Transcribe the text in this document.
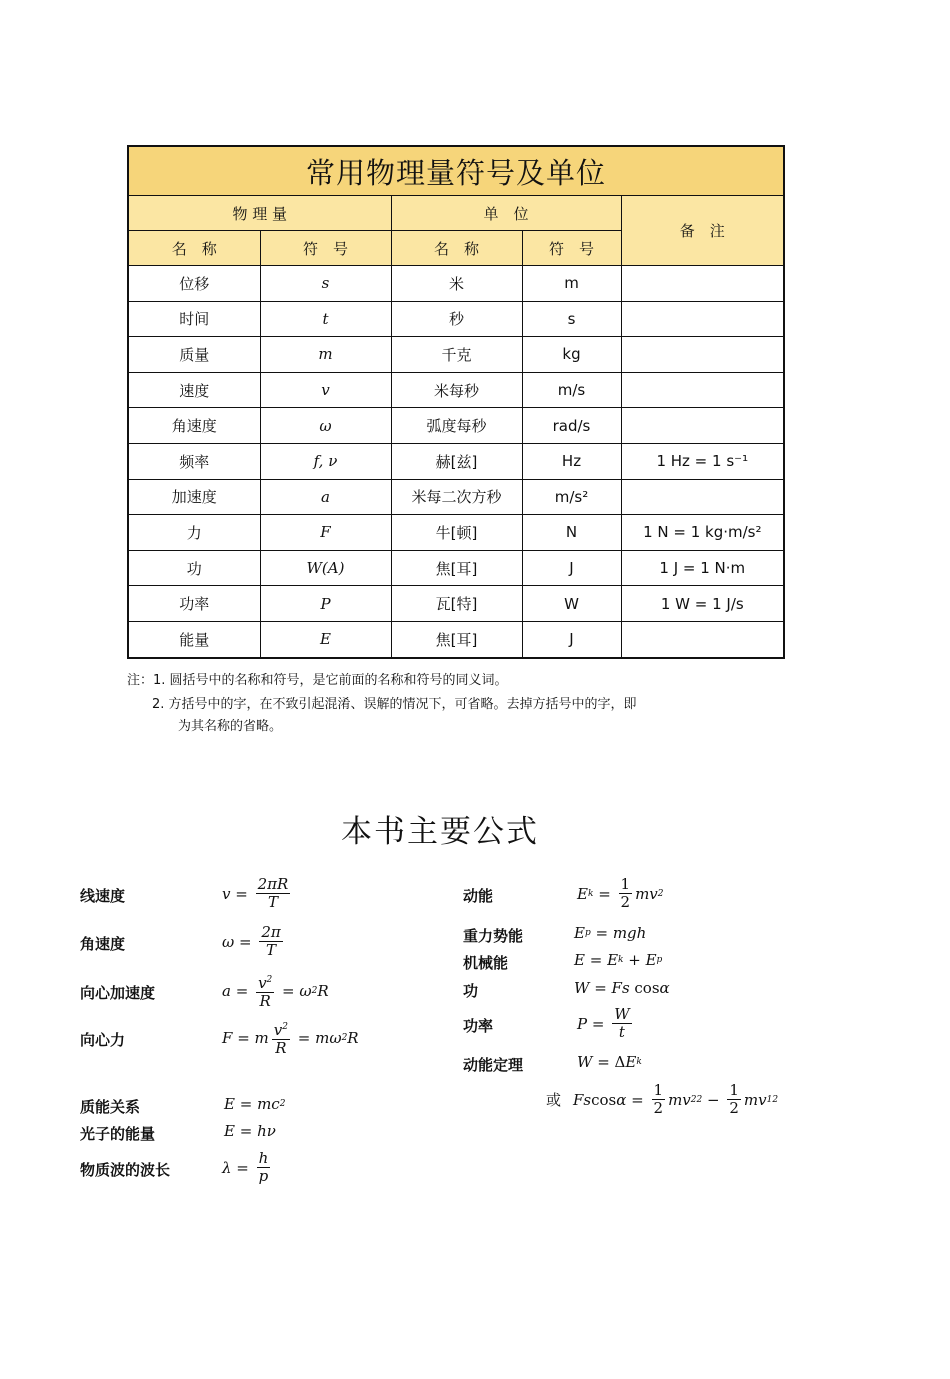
常用物理量符号及单位				
物 理 量		单　位		备　注
名　称	符　号	名　称	符　号	
位移	s	米	m	
时间	t	秒	s	
质量	m	千克	kg	
速度	v	米每秒	m/s	
角速度	ω	弧度每秒	rad/s	
频率	f, ν	赫[兹]	Hz	1 Hz = 1 s⁻¹
加速度	a	米每二次方秒	m/s²	
力	F	牛[顿]	N	1 N = 1 kg·m/s²
功	W(A)	焦[耳]	J	1 J = 1 N·m
功率	P	瓦[特]	W	1 W = 1 J/s
能量	E	焦[耳]	J	
注：1. 圆括号中的名称和符号，是它前面的名称和符号的同义词。
2. 方括号中的字，在不致引起混淆、误解的情况下，可省略。去掉方括号中的字，即
为其名称的省略。
本书主要公式
线速度	$v = \frac{2\pi R}{T}$
角速度	$\omega = \frac{2\pi}{T}$
向心加速度	$a = \frac{v^2}{R} = \omega$ 2 R
向心力	F = m $\frac{v^2}{R} = m\omega$ 2 R
质能关系	E = mc 2
光子的能量	E = hν
物质波的波长	$\lambda = \frac{h}{p}$
动能	E $k = \frac{1}{2}$ mv 2
重力势能	E p = mgh
机械能	E = E k + E p
功	W = Fs cos α
功率	$P = \frac{W}{t}$
动能定理	W = Δ E k
或 Fs $\cos \alpha = \frac{1}{2}$ mv 2 $2 - \frac{1}{2}$ mv 1 2
